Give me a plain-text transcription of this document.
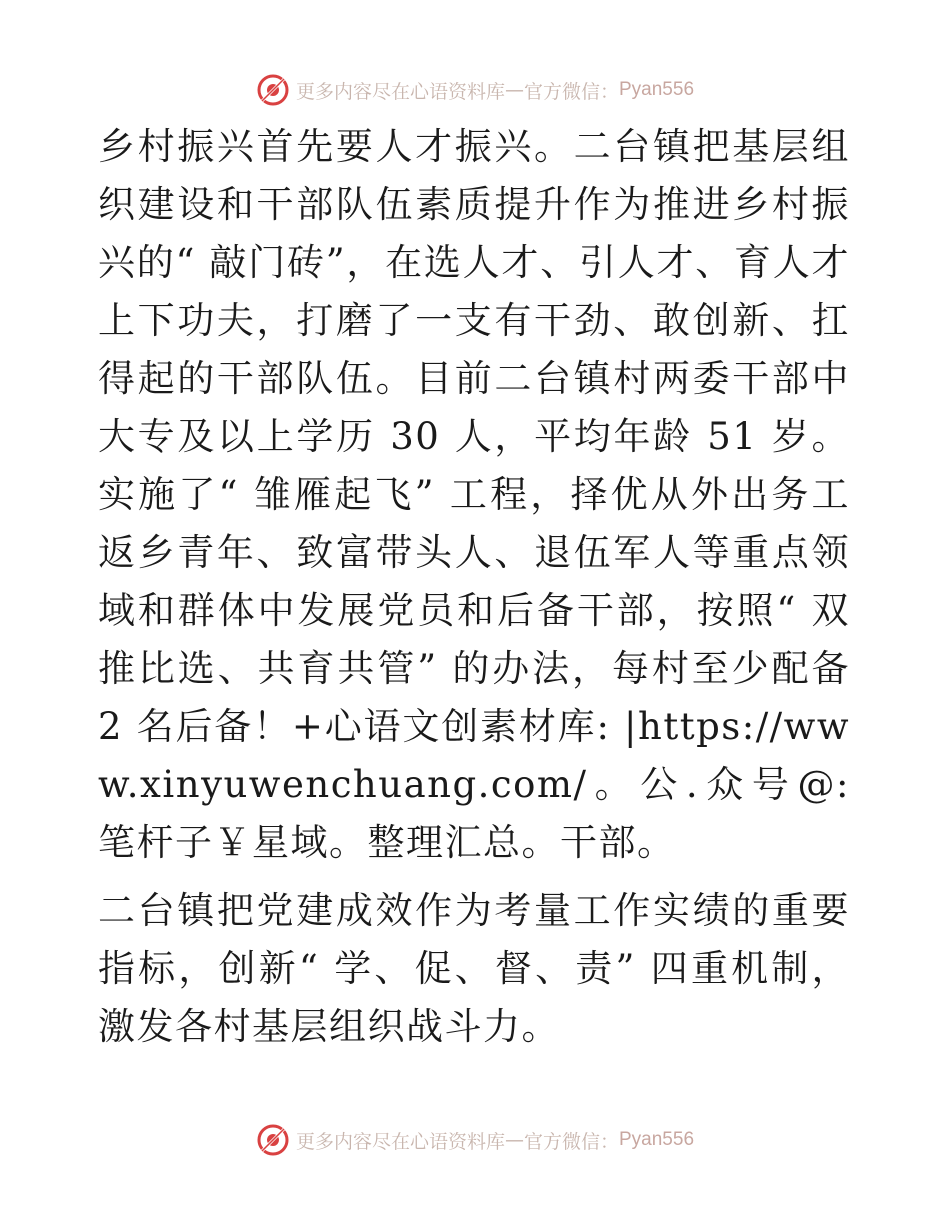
更多内容尽在心语资料库 — 官方微信： Pyan556

乡村振兴首先要人才振兴。二台镇把基层组织建设和干部队伍素质提升作为推进乡村振兴的“ 敲门砖”，在选人才、引人才、育人才上下功夫，打磨了一支有干劲、敢创新、扛得起的干部队伍。目前二台镇村两委干部中大专及以上学历 30 人，平均年龄 51 岁。实施了“ 雏雁起飞” 工程，择优从外出务工返乡青年、致富带头人、退伍军人等重点领域和群体中发展党员和后备干部，按照“ 双推比选、共育共管” 的办法，每村至少配备 2 名后备！+心语文创素材库: |https://www.xinyuwenchuang.com/。公.众号@: 笔杆子￥星域。整理汇总。干部。

二台镇把党建成效作为考量工作实绩的重要指标，创新“ 学、促、督、责” 四重机制，激发各村基层组织战斗力。

更多内容尽在心语资料库 — 官方微信： Pyan556
